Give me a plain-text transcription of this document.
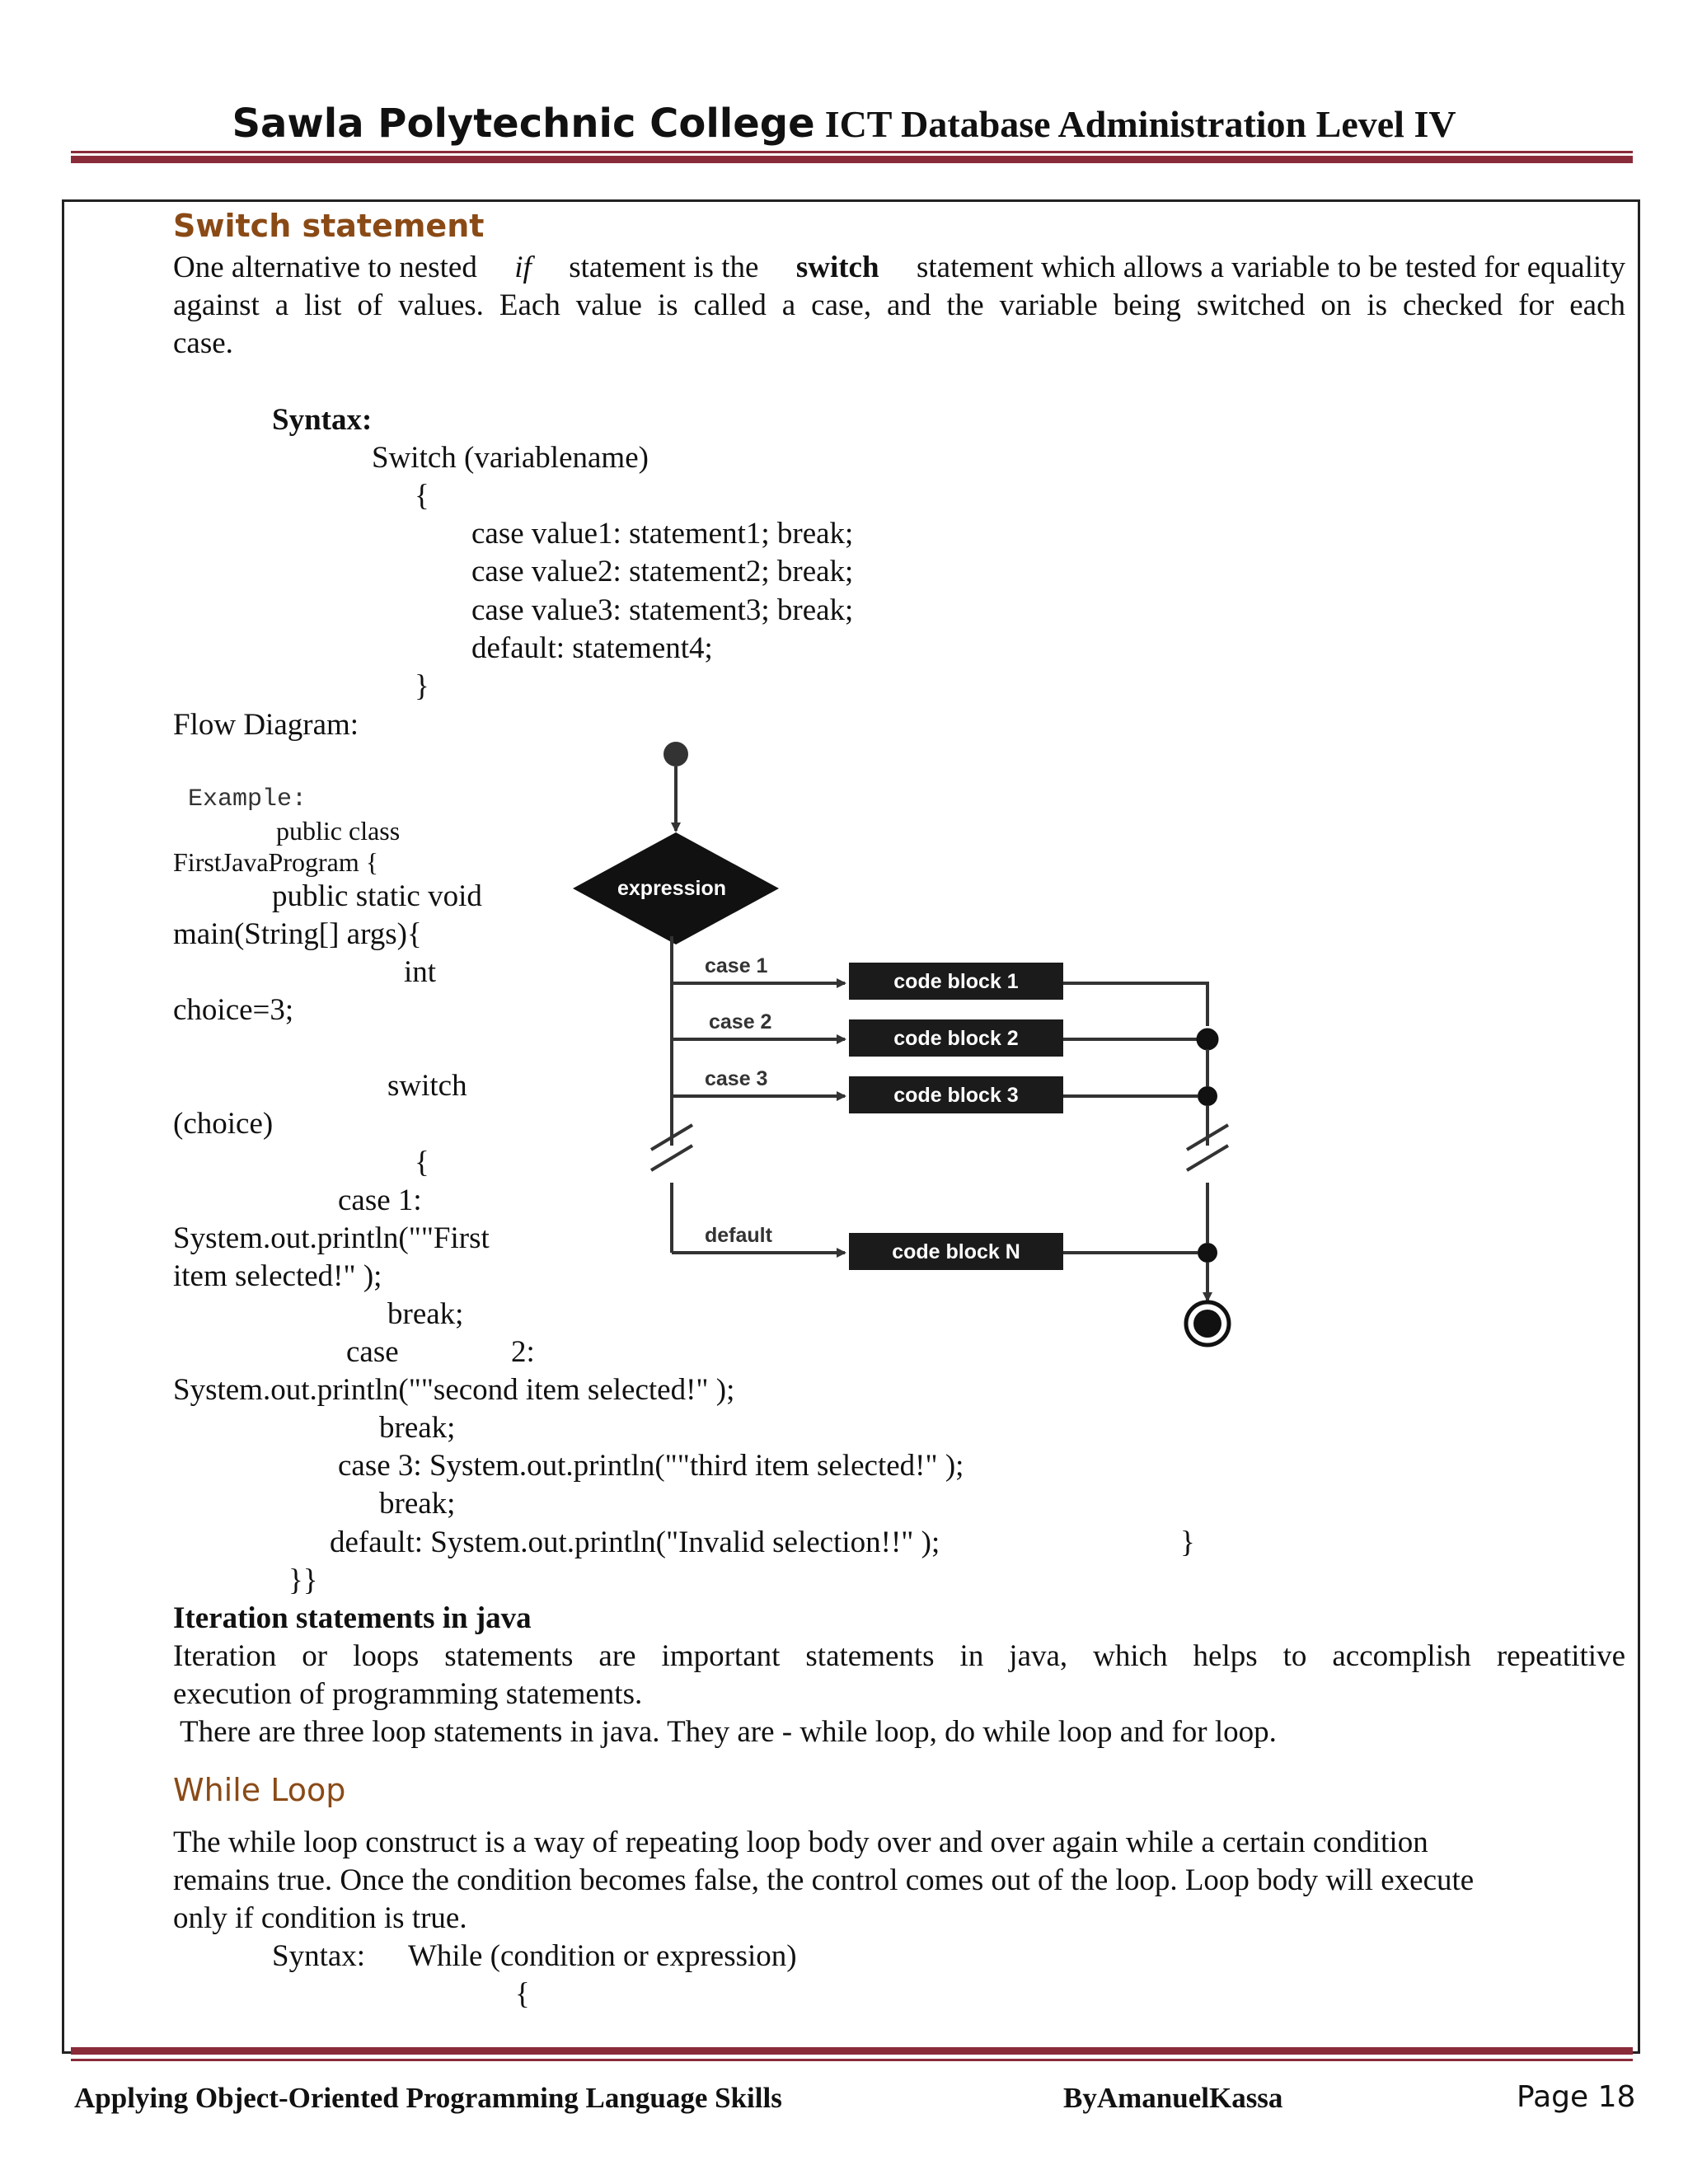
Sawla Polytechnic College ICT Database Administration Level IV
Switch statement
One alternative to nested if statement is the switch statement which allows a variable to be tested for equality
against a list of values. Each value is called a case, and the variable being switched on is checked for each
case.
Syntax:
Switch (variablename)
{
case value1: statement1; break;
case value2: statement2; break;
case value3: statement3; break;
default: statement4;
}
Flow Diagram:
expression
case 1
code block 1
case 2
code block 2
case 3
code block 3
default
code block N
Example:
public class
FirstJavaProgram {
public static void
main(String[] args){
int
choice=3;
switch
(choice)
{
case 1:
System.out.println(""First
item selected!" );
break;
case	2:
System.out.println(""second item selected!" );
break;
case 3: System.out.println(""third item selected!" );
break;
default: System.out.println("Invalid selection!!" );	}
}}
Iteration statements in java
Iteration or loops statements are important statements in java, which helps to accomplish repeatitive
execution of programming statements.
There are three loop statements in java. They are - while loop, do while loop and for loop.
While Loop
The while loop construct is a way of repeating loop body over and over again while a certain condition
remains true. Once the condition becomes false, the control comes out of the loop. Loop body will execute
only if condition is true.
Syntax: While (condition or expression)
{
Applying Object-Oriented Programming Language Skills	ByAmanuelKassa	Page 18
